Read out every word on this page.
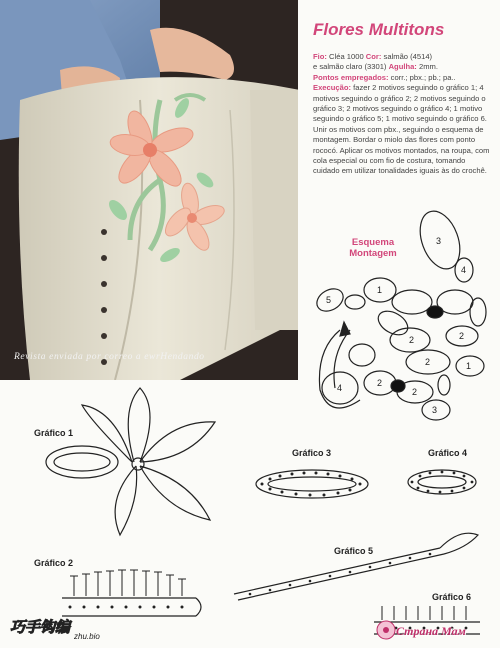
Revista enviada por correo a ewrHendando
Flores Multitons

Fio: Cléa 1000 Cor: salmão (4514)

e salmão claro (3301) Agulha: 2mm.

Pontos empregados: corr.; pbx.; pb.; pa..

Execução: fazer 2 motivos seguindo o gráfico 1; 4 motivos seguindo o gráfico 2; 2 motivos seguindo o gráfico 3; 2 motivos seguindo o gráfico 4; 1 motivo seguindo o gráfico 5; 1 motivo seguindo o gráfico 6.

Unir os motivos com pbx., seguindo o esquema de montagem. Bordar o miolo das flores com ponto rococó. Aplicar os motivos montados, na roupa, com cola especial ou com fio de costura, tomando cuidado em utilizar tonalidades iguais às do crochê.

Esquema
Montagem
Gráfico 1
Gráfico 2
Gráfico 3	Gráfico 4
Gráfico 5
Gráfico 6
3
4
1
2	2
2	1
2
2
3
4
5
巧手钩编
zhu.bio	Страна Мам
